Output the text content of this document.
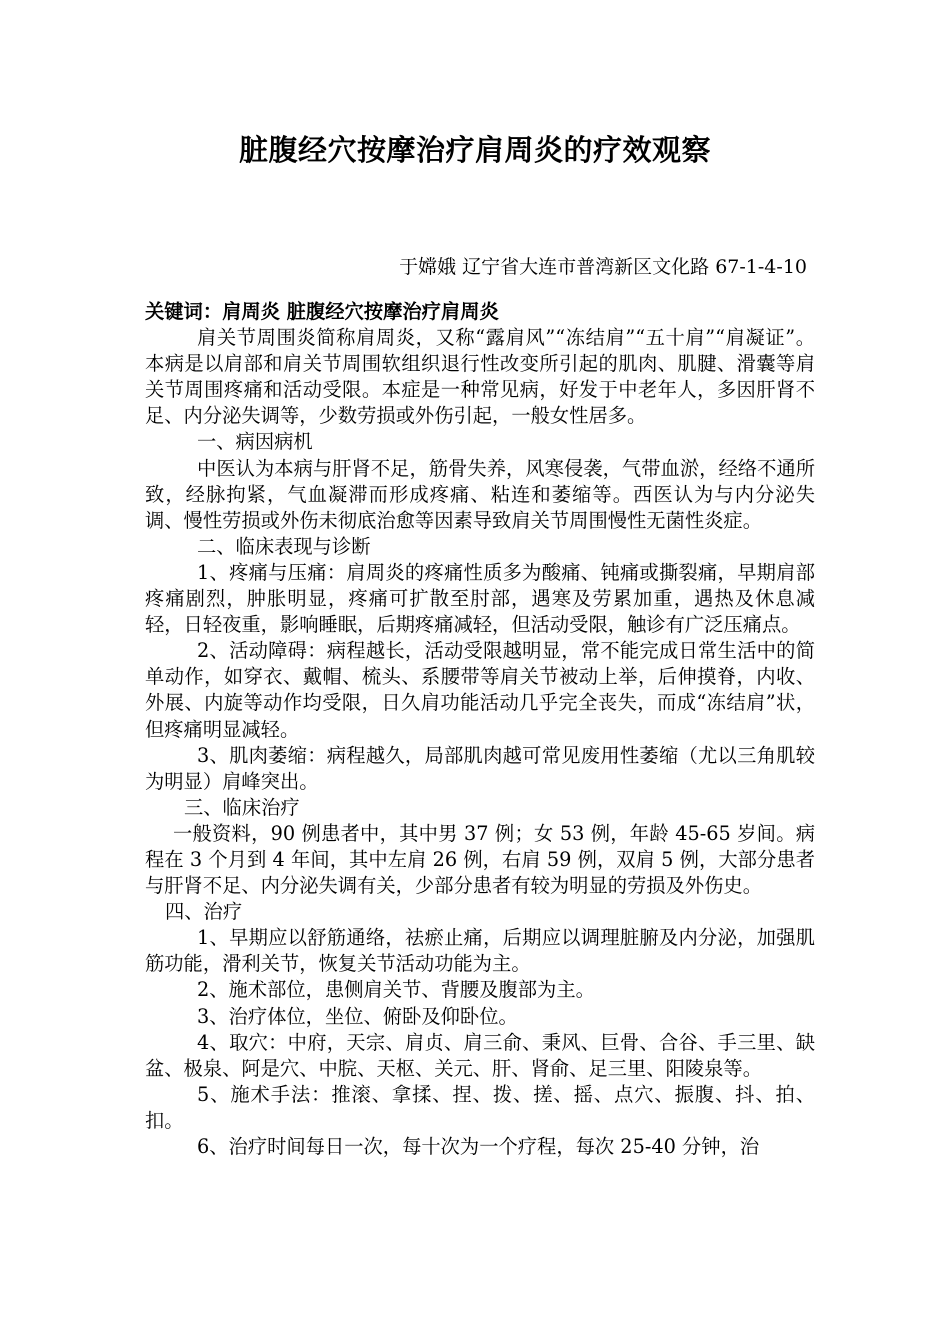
脏腹经穴按摩治疗肩周炎的疗效观察
于嫦娥 辽宁省大连市普湾新区文化路 67-1-4-10

关键词：肩周炎 脏腹经穴按摩治疗肩周炎

肩关节周围炎简称肩周炎，又称“露肩风”“冻结肩”“五十肩”“肩凝证”。本病是以肩部和肩关节周围软组织退行性改变所引起的肌肉、肌腱、滑囊等肩关节周围疼痛和活动受限。本症是一种常见病，好发于中老年人，多因肝肾不足、内分泌失调等，少数劳损或外伤引起，一般女性居多。

一、病因病机

中医认为本病与肝肾不足，筋骨失养，风寒侵袭，气带血淤，经络不通所致，经脉拘紧，气血凝滞而形成疼痛、粘连和萎缩等。西医认为与内分泌失调、慢性劳损或外伤未彻底治愈等因素导致肩关节周围慢性无菌性炎症。

二、临床表现与诊断

1、疼痛与压痛：肩周炎的疼痛性质多为酸痛、钝痛或撕裂痛，早期肩部疼痛剧烈，肿胀明显，疼痛可扩散至肘部，遇寒及劳累加重，遇热及休息减轻，日轻夜重，影响睡眠，后期疼痛减轻，但活动受限，触诊有广泛压痛点。

2、活动障碍：病程越长，活动受限越明显，常不能完成日常生活中的简单动作，如穿衣、戴帽、梳头、系腰带等肩关节被动上举，后伸摸脊，内收、外展、内旋等动作均受限，日久肩功能活动几乎完全丧失，而成“冻结肩”状，但疼痛明显减轻。

3、肌肉萎缩：病程越久，局部肌肉越可常见废用性萎缩（尤以三角肌较为明显）肩峰突出。

三、临床治疗

一般资料，90 例患者中，其中男 37 例；女 53 例，年龄 45-65 岁间。病程在 3 个月到 4 年间，其中左肩 26 例，右肩 59 例，双肩 5 例，大部分患者与肝肾不足、内分泌失调有关，少部分患者有较为明显的劳损及外伤史。

四、治疗

1、早期应以舒筋通络，祛瘀止痛，后期应以调理脏腑及内分泌，加强肌筋功能，滑利关节，恢复关节活动功能为主。

2、施术部位，患侧肩关节、背腰及腹部为主。

3、治疗体位，坐位、俯卧及仰卧位。

4、取穴：中府，天宗、肩贞、肩三俞、秉风、巨骨、合谷、手三里、缺盆、极泉、阿是穴、中脘、天枢、关元、肝、肾俞、足三里、阳陵泉等。

5、施术手法：推滚、拿揉、捏、拨、搓、摇、点穴、振腹、抖、拍、扣。

6、治疗时间每日一次，每十次为一个疗程，每次 25-40 分钟，治
